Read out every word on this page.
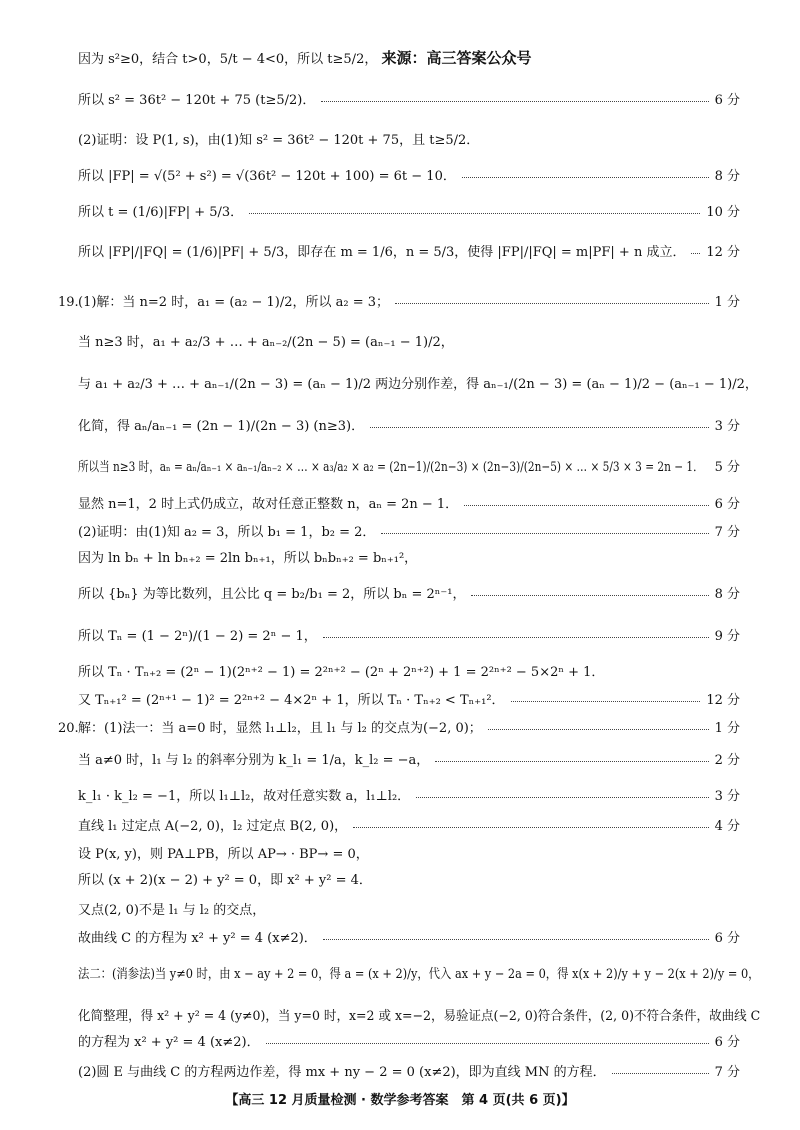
因为 s²≥0，结合 t>0，5/t − 4<0，所以 t≥5/2， 来源：高三答案公众号
所以 s² = 36t² − 120t + 75 (t≥5/2)．	6 分
(2)证明：设 P(1, s)，由(1)知 s² = 36t² − 120t + 75，且 t≥5/2．
所以 |FP| = √(5² + s²) = √(36t² − 120t + 100) = 6t − 10．	8 分
所以 t = (1/6)|FP| + 5/3．	10 分
所以 |FP|/|FQ| = (1/6)|PF| + 5/3，即存在 m = 1/6，n = 5/3，使得 |FP|/|FQ| = m|PF| + n 成立． 12 分
19. (1)解：当 n=2 时，a₁ = (a₂ − 1)/2，所以 a₂ = 3；	1 分
当 n≥3 时，a₁ + a₂/3 + … + aₙ₋₂/(2n − 5) = (aₙ₋₁ − 1)/2，
与 a₁ + a₂/3 + … + aₙ₋₁/(2n − 3) = (aₙ − 1)/2 两边分别作差，得 aₙ₋₁/(2n − 3) = (aₙ − 1)/2 − (aₙ₋₁ − 1)/2，
化简，得 aₙ/aₙ₋₁ = (2n − 1)/(2n − 3) (n≥3)．	3 分
所以当 n≥3 时，aₙ = aₙ/aₙ₋₁ × aₙ₋₁/aₙ₋₂ × … × a₃/a₂ × a₂ = (2n−1)/(2n−3) × (2n−3)/(2n−5) × … × 5/3 × 3 = 2n − 1． 5 分
显然 n=1，2 时上式仍成立，故对任意正整数 n，aₙ = 2n − 1．	6 分
(2)证明：由(1)知 a₂ = 3，所以 b₁ = 1，b₂ = 2．	7 分
因为 ln bₙ + ln bₙ₊₂ = 2ln bₙ₊₁，所以 bₙbₙ₊₂ = bₙ₊₁²，
所以 {bₙ} 为等比数列，且公比 q = b₂/b₁ = 2，所以 bₙ = 2ⁿ⁻¹，	8 分
所以 Tₙ = (1 − 2ⁿ)/(1 − 2) = 2ⁿ − 1，	9 分
所以 Tₙ · Tₙ₊₂ = (2ⁿ − 1)(2ⁿ⁺² − 1) = 2²ⁿ⁺² − (2ⁿ + 2ⁿ⁺²) + 1 = 2²ⁿ⁺² − 5×2ⁿ + 1．
又 Tₙ₊₁² = (2ⁿ⁺¹ − 1)² = 2²ⁿ⁺² − 4×2ⁿ + 1，所以 Tₙ · Tₙ₊₂ < Tₙ₊₁²．	12 分
20. 解：(1)法一：当 a=0 时，显然 l₁⊥l₂，且 l₁ 与 l₂ 的交点为(−2, 0)；	1 分
当 a≠0 时，l₁ 与 l₂ 的斜率分别为 k_l₁ = 1/a，k_l₂ = −a，	2 分
k_l₁ · k_l₂ = −1，所以 l₁⊥l₂，故对任意实数 a，l₁⊥l₂．	3 分
直线 l₁ 过定点 A(−2, 0)，l₂ 过定点 B(2, 0)，	4 分
设 P(x, y)，则 PA⊥PB，所以 AP→ · BP→ = 0，
所以 (x + 2)(x − 2) + y² = 0，即 x² + y² = 4．
又点(2, 0)不是 l₁ 与 l₂ 的交点，
故曲线 C 的方程为 x² + y² = 4 (x≠2)．	6 分
法二：(消参法)当 y≠0 时，由 x − ay + 2 = 0，得 a = (x + 2)/y，代入 ax + y − 2a = 0，得 x(x + 2)/y + y − 2(x + 2)/y = 0，
化简整理，得 x² + y² = 4 (y≠0)，当 y=0 时，x=2 或 x=−2，易验证点(−2, 0)符合条件，(2, 0)不符合条件，故曲线 C
的方程为 x² + y² = 4 (x≠2)．	6 分
(2)圆 E 与曲线 C 的方程两边作差，得 mx + ny − 2 = 0 (x≠2)，即为直线 MN 的方程．	7 分
【高三 12 月质量检测 · 数学参考答案　第 4 页(共 6 页)】
